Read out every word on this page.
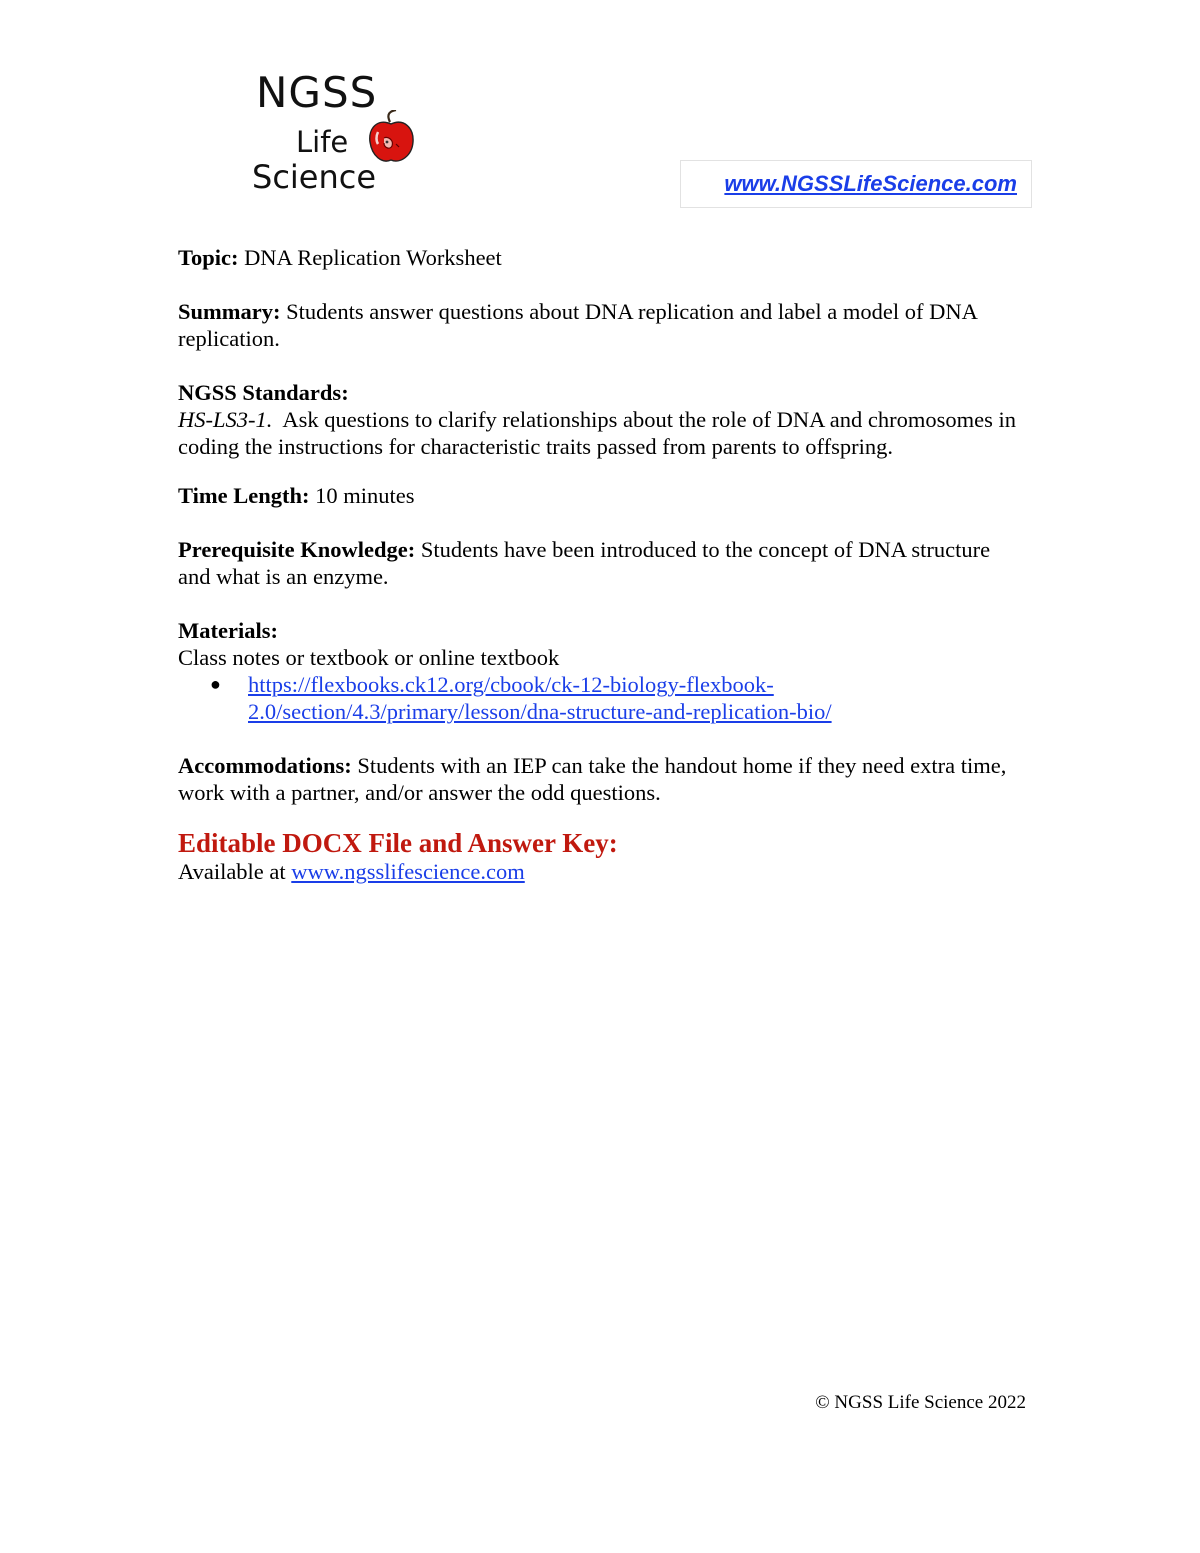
NGSS
Life
Science	www.NGSSLifeScience.com

Topic: DNA Replication Worksheet

Summary: Students answer questions about DNA replication and label a model of DNA replication.

NGSS Standards:

HS-LS3-1. Ask questions to clarify relationships about the role of DNA and chromosomes in coding the instructions for characteristic traits passed from parents to offspring.

Time Length: 10 minutes

Prerequisite Knowledge: Students have been introduced to the concept of DNA structure and what is an enzyme.

Materials:

Class notes or textbook or online textbook

●	https://flexbooks.ck12.org/cbook/ck-12-biology-flexbook-
2.0/section/4.3/primary/lesson/dna-structure-and-replication-bio/

Accommodations: Students with an IEP can take the handout home if they need extra time, work with a partner, and/or answer the odd questions.

Editable DOCX File and Answer Key:

Available at www.ngsslifescience.com

© NGSS Life Science 2022
